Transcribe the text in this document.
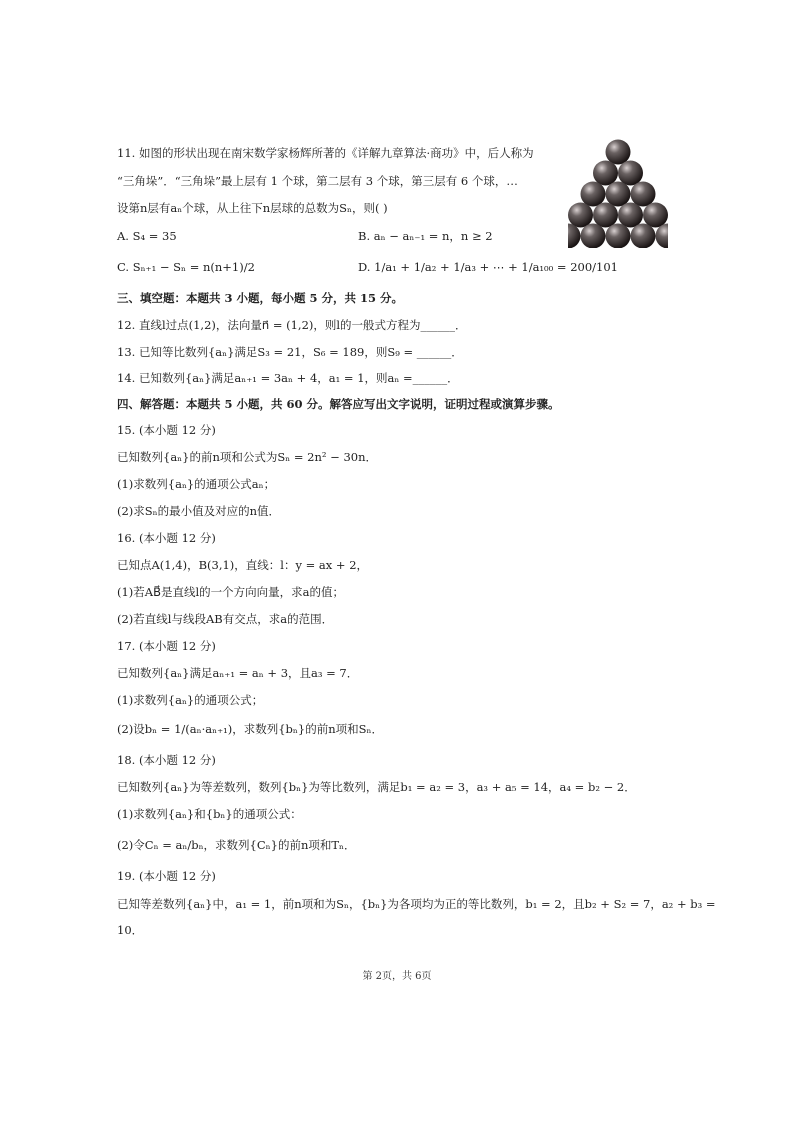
11. 如图的形状出现在南宋数学家杨辉所著的《详解九章算法·商功》中，后人称为
“三角垛”．“三角垛”最上层有 1 个球，第二层有 3 个球，第三层有 6 个球，…
设第n层有aₙ个球，从上往下n层球的总数为Sₙ，则( )
A. S₄ = 35	B. aₙ − aₙ₋₁ = n，n ≥ 2
C. Sₙ₊₁ − Sₙ = n(n+1)/2	D. 1/a₁ + 1/a₂ + 1/a₃ + ⋯ + 1/a₁₀₀ = 200/101
三、填空题：本题共 3 小题，每小题 5 分，共 15 分。
12. 直线l过点(1,2)，法向量n⃗ = (1,2)，则l的一般式方程为______．
13. 已知等比数列{aₙ}满足S₃ = 21，S₆ = 189，则S₉ = ______．
14. 已知数列{aₙ}满足aₙ₊₁ = 3aₙ + 4，a₁ = 1，则aₙ =______．
四、解答题：本题共 5 小题，共 60 分。解答应写出文字说明，证明过程或演算步骤。
15. (本小题 12 分)
已知数列{aₙ}的前n项和公式为Sₙ = 2n² − 30n．
(1)求数列{aₙ}的通项公式aₙ；
(2)求Sₙ的最小值及对应的n值．
16. (本小题 12 分)
已知点A(1,4)，B(3,1)，直线：l：y = ax + 2，
(1)若AB⃗是直线l的一个方向向量，求a的值；
(2)若直线l与线段AB有交点，求a的范围．
17. (本小题 12 分)
已知数列{aₙ}满足aₙ₊₁ = aₙ + 3，且a₃ = 7．
(1)求数列{aₙ}的通项公式；
(2)设bₙ = 1/(aₙ·aₙ₊₁)，求数列{bₙ}的前n项和Sₙ．
18. (本小题 12 分)
已知数列{aₙ}为等差数列，数列{bₙ}为等比数列，满足b₁ = a₂ = 3，a₃ + a₅ = 14，a₄ = b₂ − 2．
(1)求数列{aₙ}和{bₙ}的通项公式：
(2)令Cₙ = aₙ/bₙ，求数列{Cₙ}的前n项和Tₙ．
19. (本小题 12 分)
已知等差数列{aₙ}中，a₁ = 1，前n项和为Sₙ，{bₙ}为各项均为正的等比数列，b₁ = 2，且b₂ + S₂ = 7，a₂ + b₃ =
10．
第 2页，共 6页
